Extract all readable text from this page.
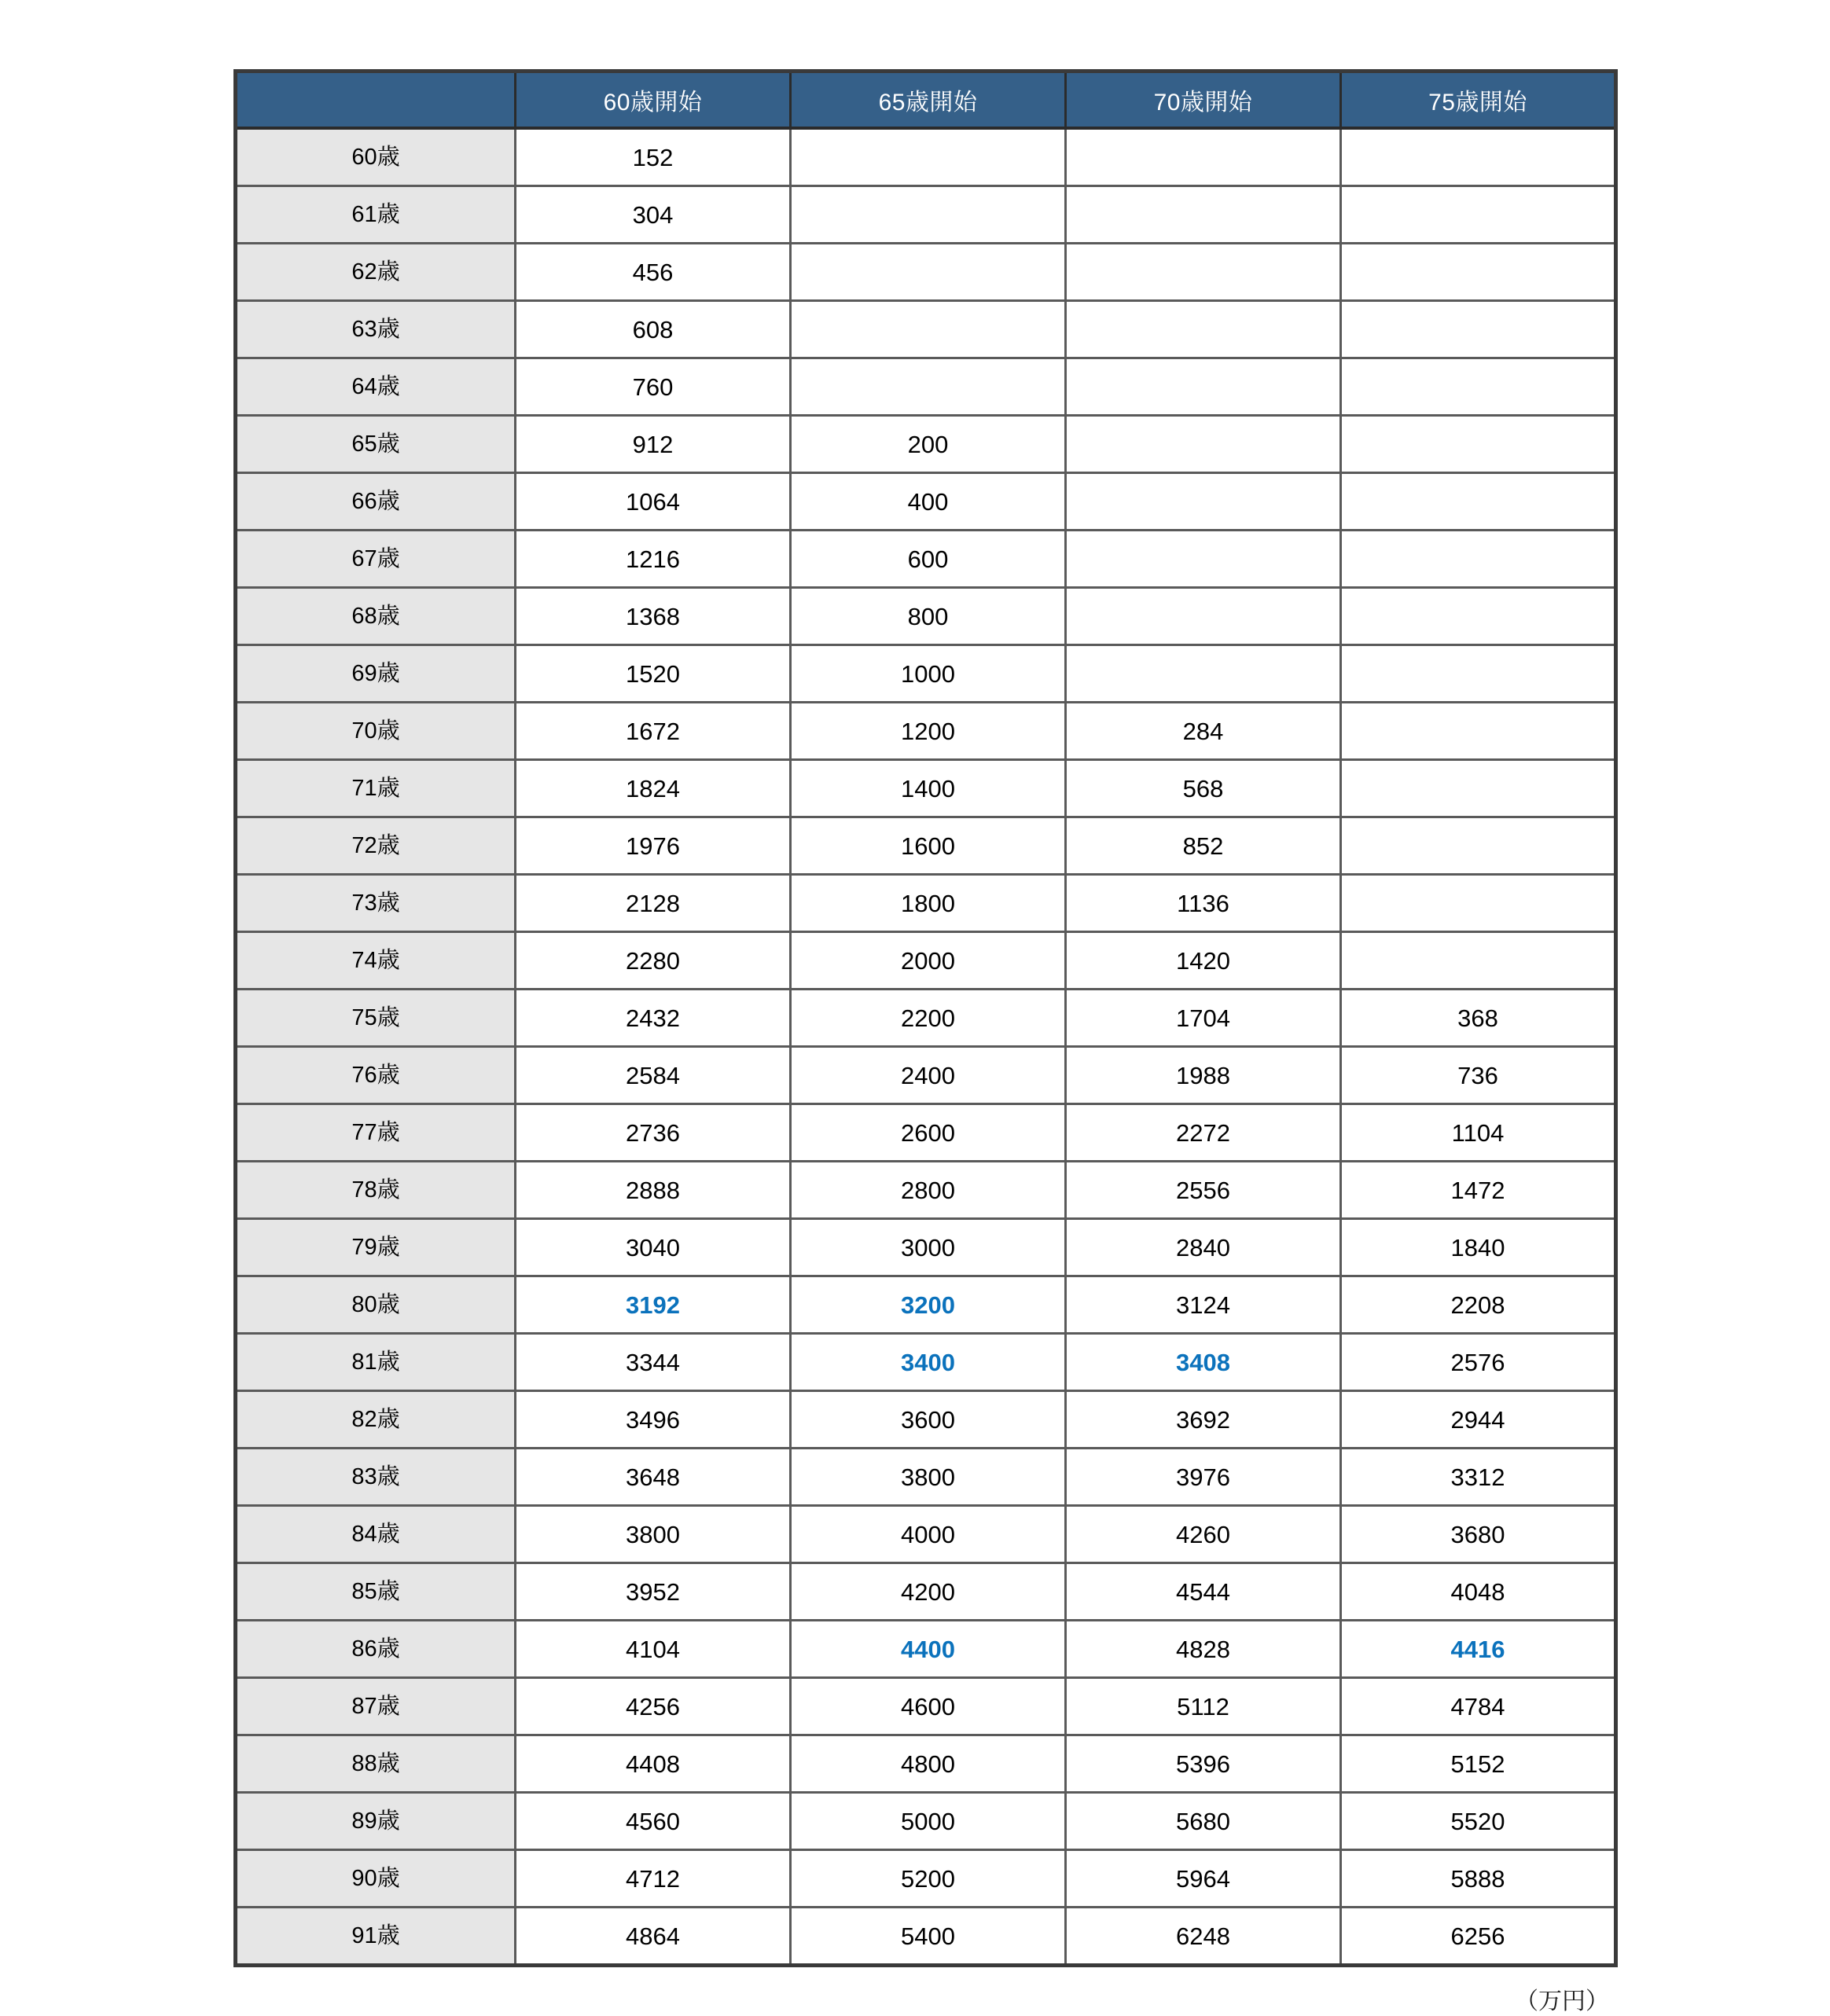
	60歳開始	65歳開始	70歳開始	75歳開始
60歳	152			
61歳	304			
62歳	456			
63歳	608			
64歳	760			
65歳	912	200		
66歳	1064	400		
67歳	1216	600		
68歳	1368	800		
69歳	1520	1000		
70歳	1672	1200	284	
71歳	1824	1400	568	
72歳	1976	1600	852	
73歳	2128	1800	1136	
74歳	2280	2000	1420	
75歳	2432	2200	1704	368
76歳	2584	2400	1988	736
77歳	2736	2600	2272	1104
78歳	2888	2800	2556	1472
79歳	3040	3000	2840	1840
80歳	3192	3200	3124	2208
81歳	3344	3400	3408	2576
82歳	3496	3600	3692	2944
83歳	3648	3800	3976	3312
84歳	3800	4000	4260	3680
85歳	3952	4200	4544	4048
86歳	4104	4400	4828	4416
87歳	4256	4600	5112	4784
88歳	4408	4800	5396	5152
89歳	4560	5000	5680	5520
90歳	4712	5200	5964	5888
91歳	4864	5400	6248	6256
（万円）
